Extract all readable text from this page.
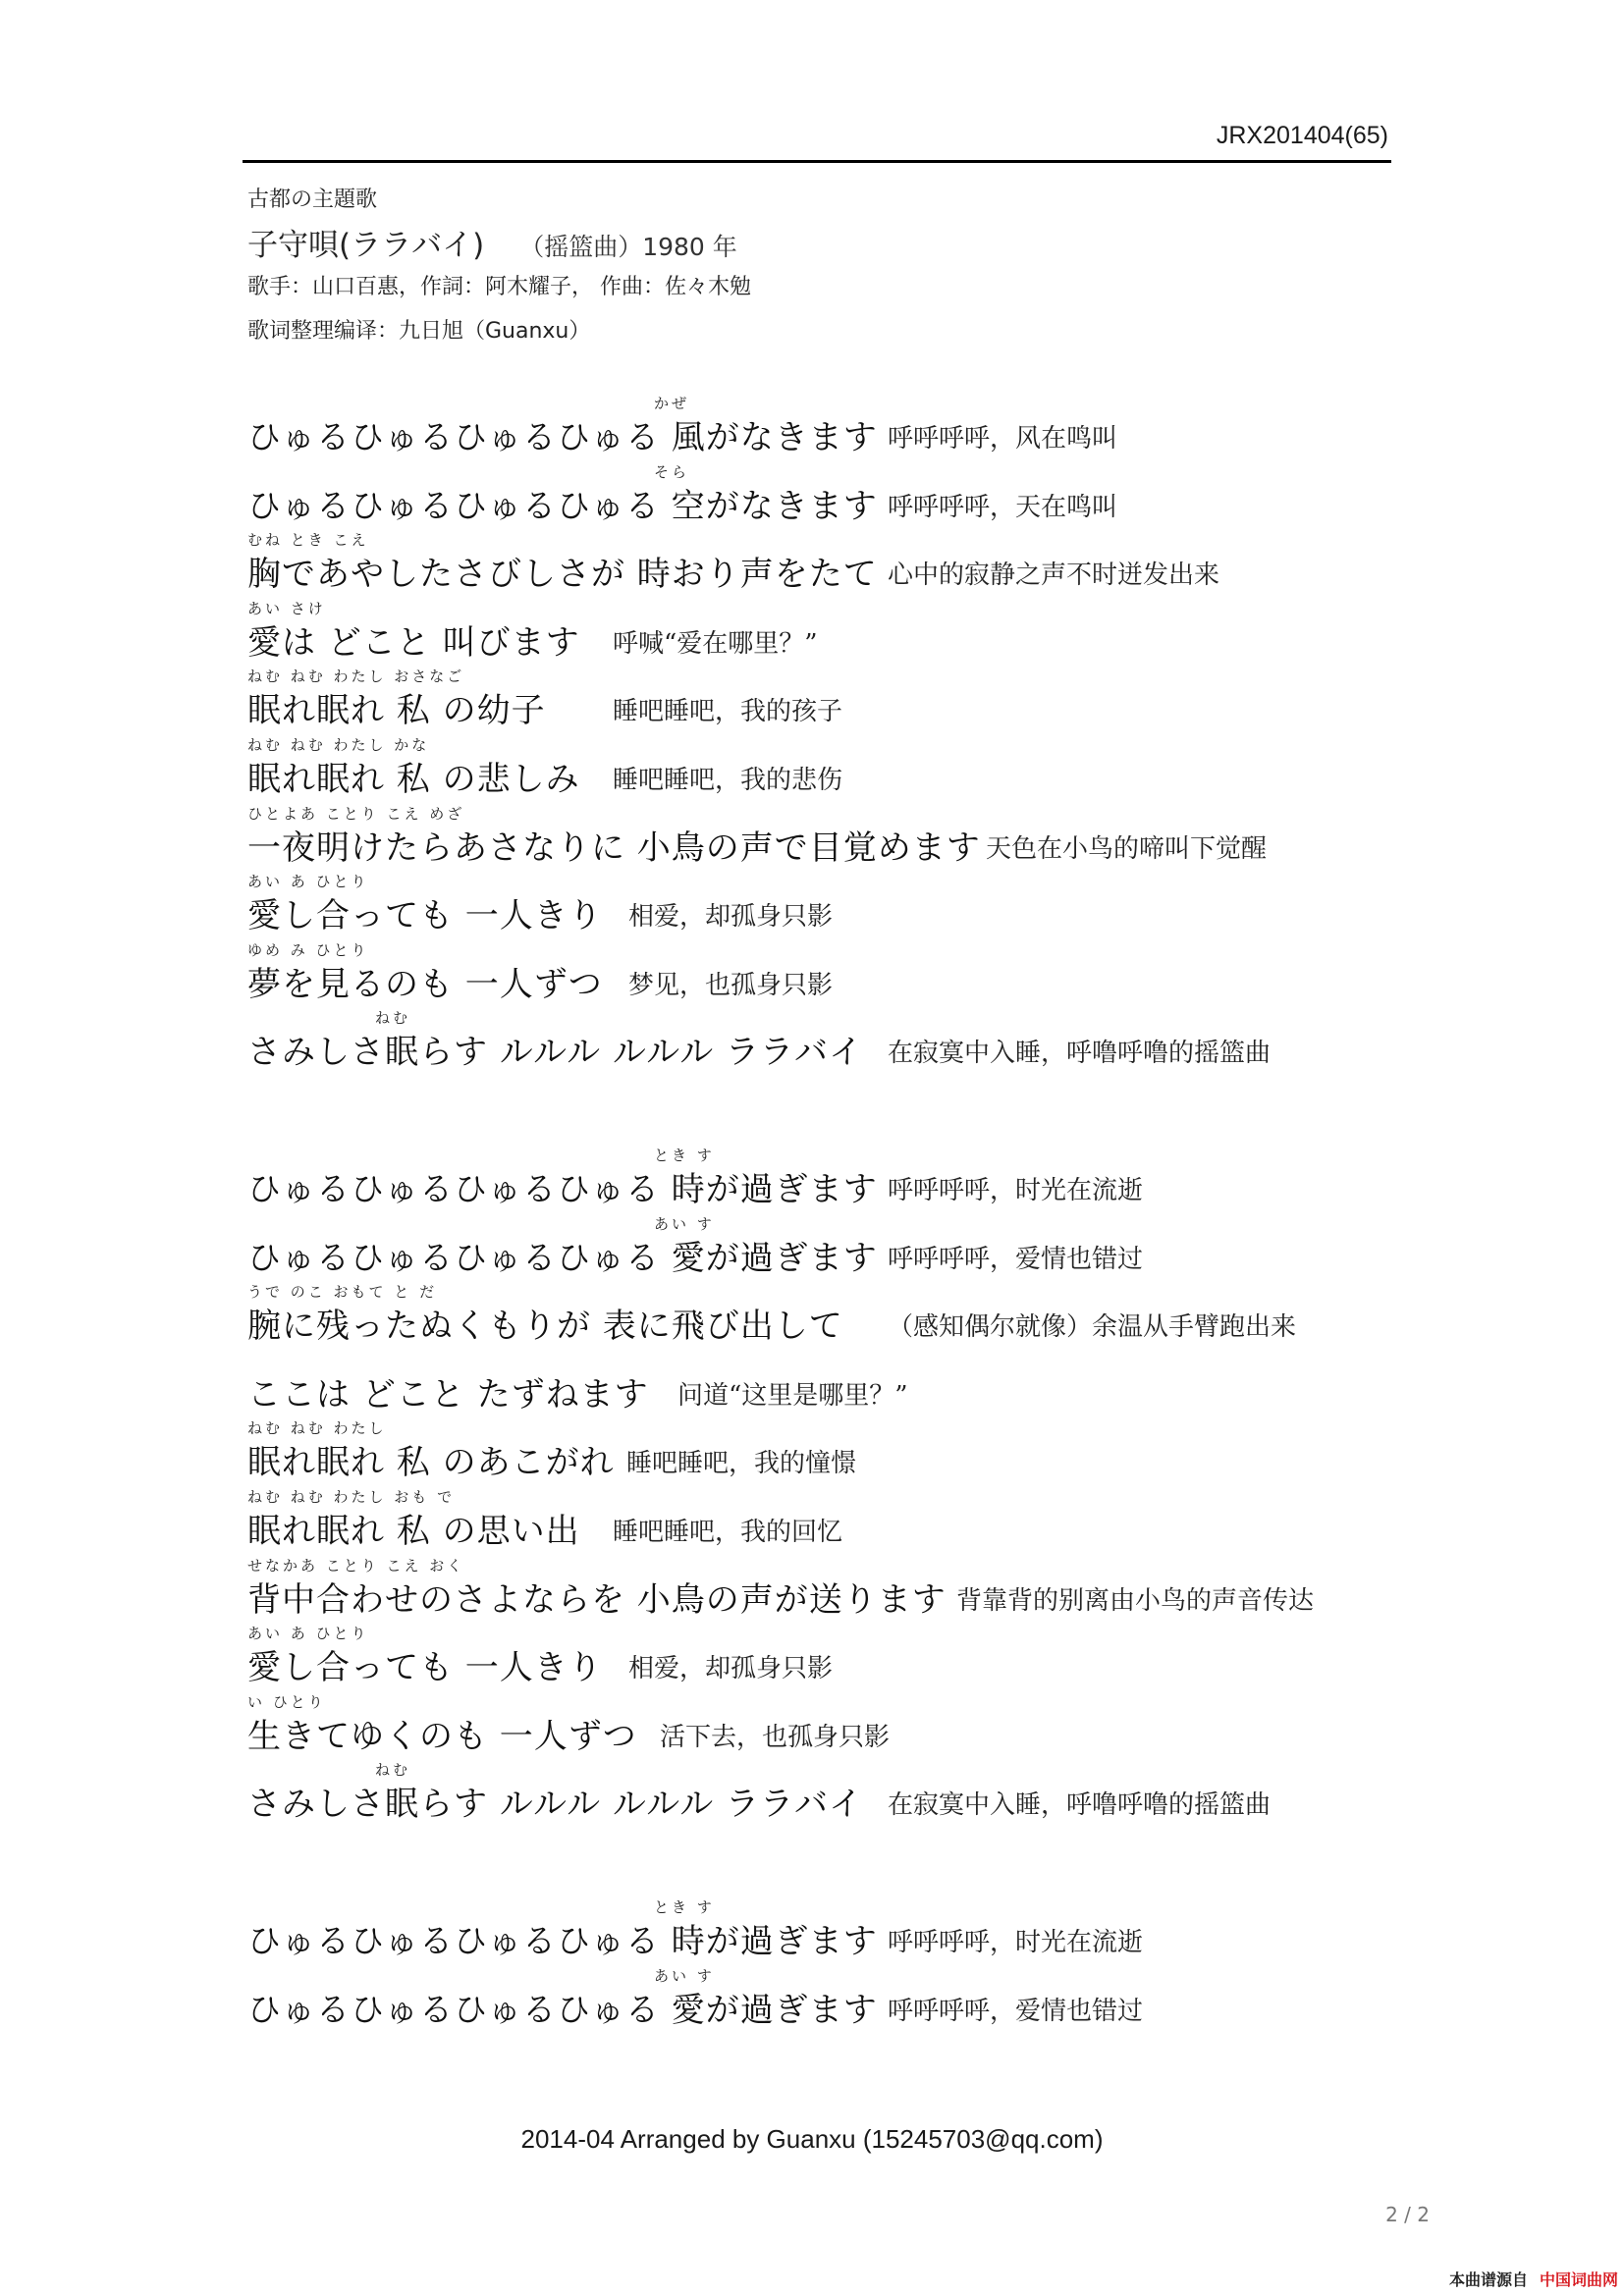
JRX201404(65)
古都の主題歌
子守唄(ララバイ) （摇篮曲）1980 年
歌手：山口百惠，作詞：阿木耀子， 作曲：佐々木勉
歌词整理编译：九日旭（Guanxu）
かぜ
ひゅるひゅるひゅるひゅる 風がなきます 呼呼呼呼，风在鸣叫
そら
ひゅるひゅるひゅるひゅる 空がなきます 呼呼呼呼，天在鸣叫
むね とき こえ
胸であやしたさびしさが 時おり声をたて 心中的寂静之声不时迸发出来
あい さけ
愛は どこと 叫びます 呼喊“爱在哪里？”
ねむ ねむ わたし おさなご
眠れ眠れ 私 の幼子	睡吧睡吧，我的孩子
ねむ ねむ わたし かな
眠れ眠れ 私 の悲しみ 睡吧睡吧，我的悲伤
ひとよあ ことり こえ めざ
一夜明けたらあさなりに 小鳥の声で目覚めます 天色在小鸟的啼叫下觉醒
あい あ ひとり
愛し合っても 一人きり 相爱，却孤身只影
ゆめ み ひとり
夢を見るのも 一人ずつ 梦见，也孤身只影
ねむ
さみしさ眠らす ルルル ルルル ララバイ 在寂寞中入睡，呼噜呼噜的摇篮曲
とき す
ひゅるひゅるひゅるひゅる 時が過ぎます 呼呼呼呼，时光在流逝
あい す
ひゅるひゅるひゅるひゅる 愛が過ぎます 呼呼呼呼，爱情也错过
うで のこ おもて と だ
腕に残ったぬくもりが 表に飛び出して （感知偶尔就像）余温从手臂跑出来
ここは どこと たずねます 问道“这里是哪里？”
ねむ ねむ わたし
眠れ眠れ 私 のあこがれ 睡吧睡吧，我的憧憬
ねむ ねむ わたし おも で
眠れ眠れ 私 の思い出 睡吧睡吧，我的回忆
せなかあ ことり こえ おく
背中合わせのさよならを 小鳥の声が送ります 背靠背的别离由小鸟的声音传达
あい あ ひとり
愛し合っても 一人きり 相爱，却孤身只影
い ひとり
生きてゆくのも 一人ずつ 活下去，也孤身只影
ねむ
さみしさ眠らす ルルル ルルル ララバイ 在寂寞中入睡，呼噜呼噜的摇篮曲
とき す
ひゅるひゅるひゅるひゅる 時が過ぎます 呼呼呼呼，时光在流逝
あい す
ひゅるひゅるひゅるひゅる 愛が過ぎます 呼呼呼呼，爱情也错过
2014-04 Arranged by Guanxu (15245703@qq.com)
2 / 2
本曲谱源自 中国词曲网
